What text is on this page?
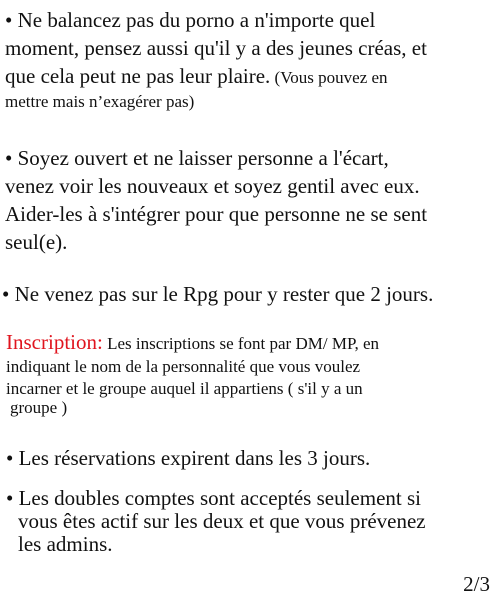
• Ne balancez pas du porno a n'importe quel
moment, pensez aussi qu'il y a des jeunes créas, et
que cela peut ne pas leur plaire. (Vous pouvez en
mettre mais n’exagérer pas)
• Soyez ouvert et ne laisser personne a l'écart,
venez voir les nouveaux et soyez gentil avec eux.
Aider-les à s'intégrer pour que personne ne se sent
seul(e).
• Ne venez pas sur le Rpg pour y rester que 2 jours.
Inscription: Les inscriptions se font par DM/ MP, en
indiquant le nom de la personnalité que vous voulez
incarner et le groupe auquel il appartiens ( s'il y a un
groupe )
• Les réservations expirent dans les 3 jours.
• Les doubles comptes sont acceptés seulement si
vous êtes actif sur les deux et que vous prévenez
les admins.
2/3
